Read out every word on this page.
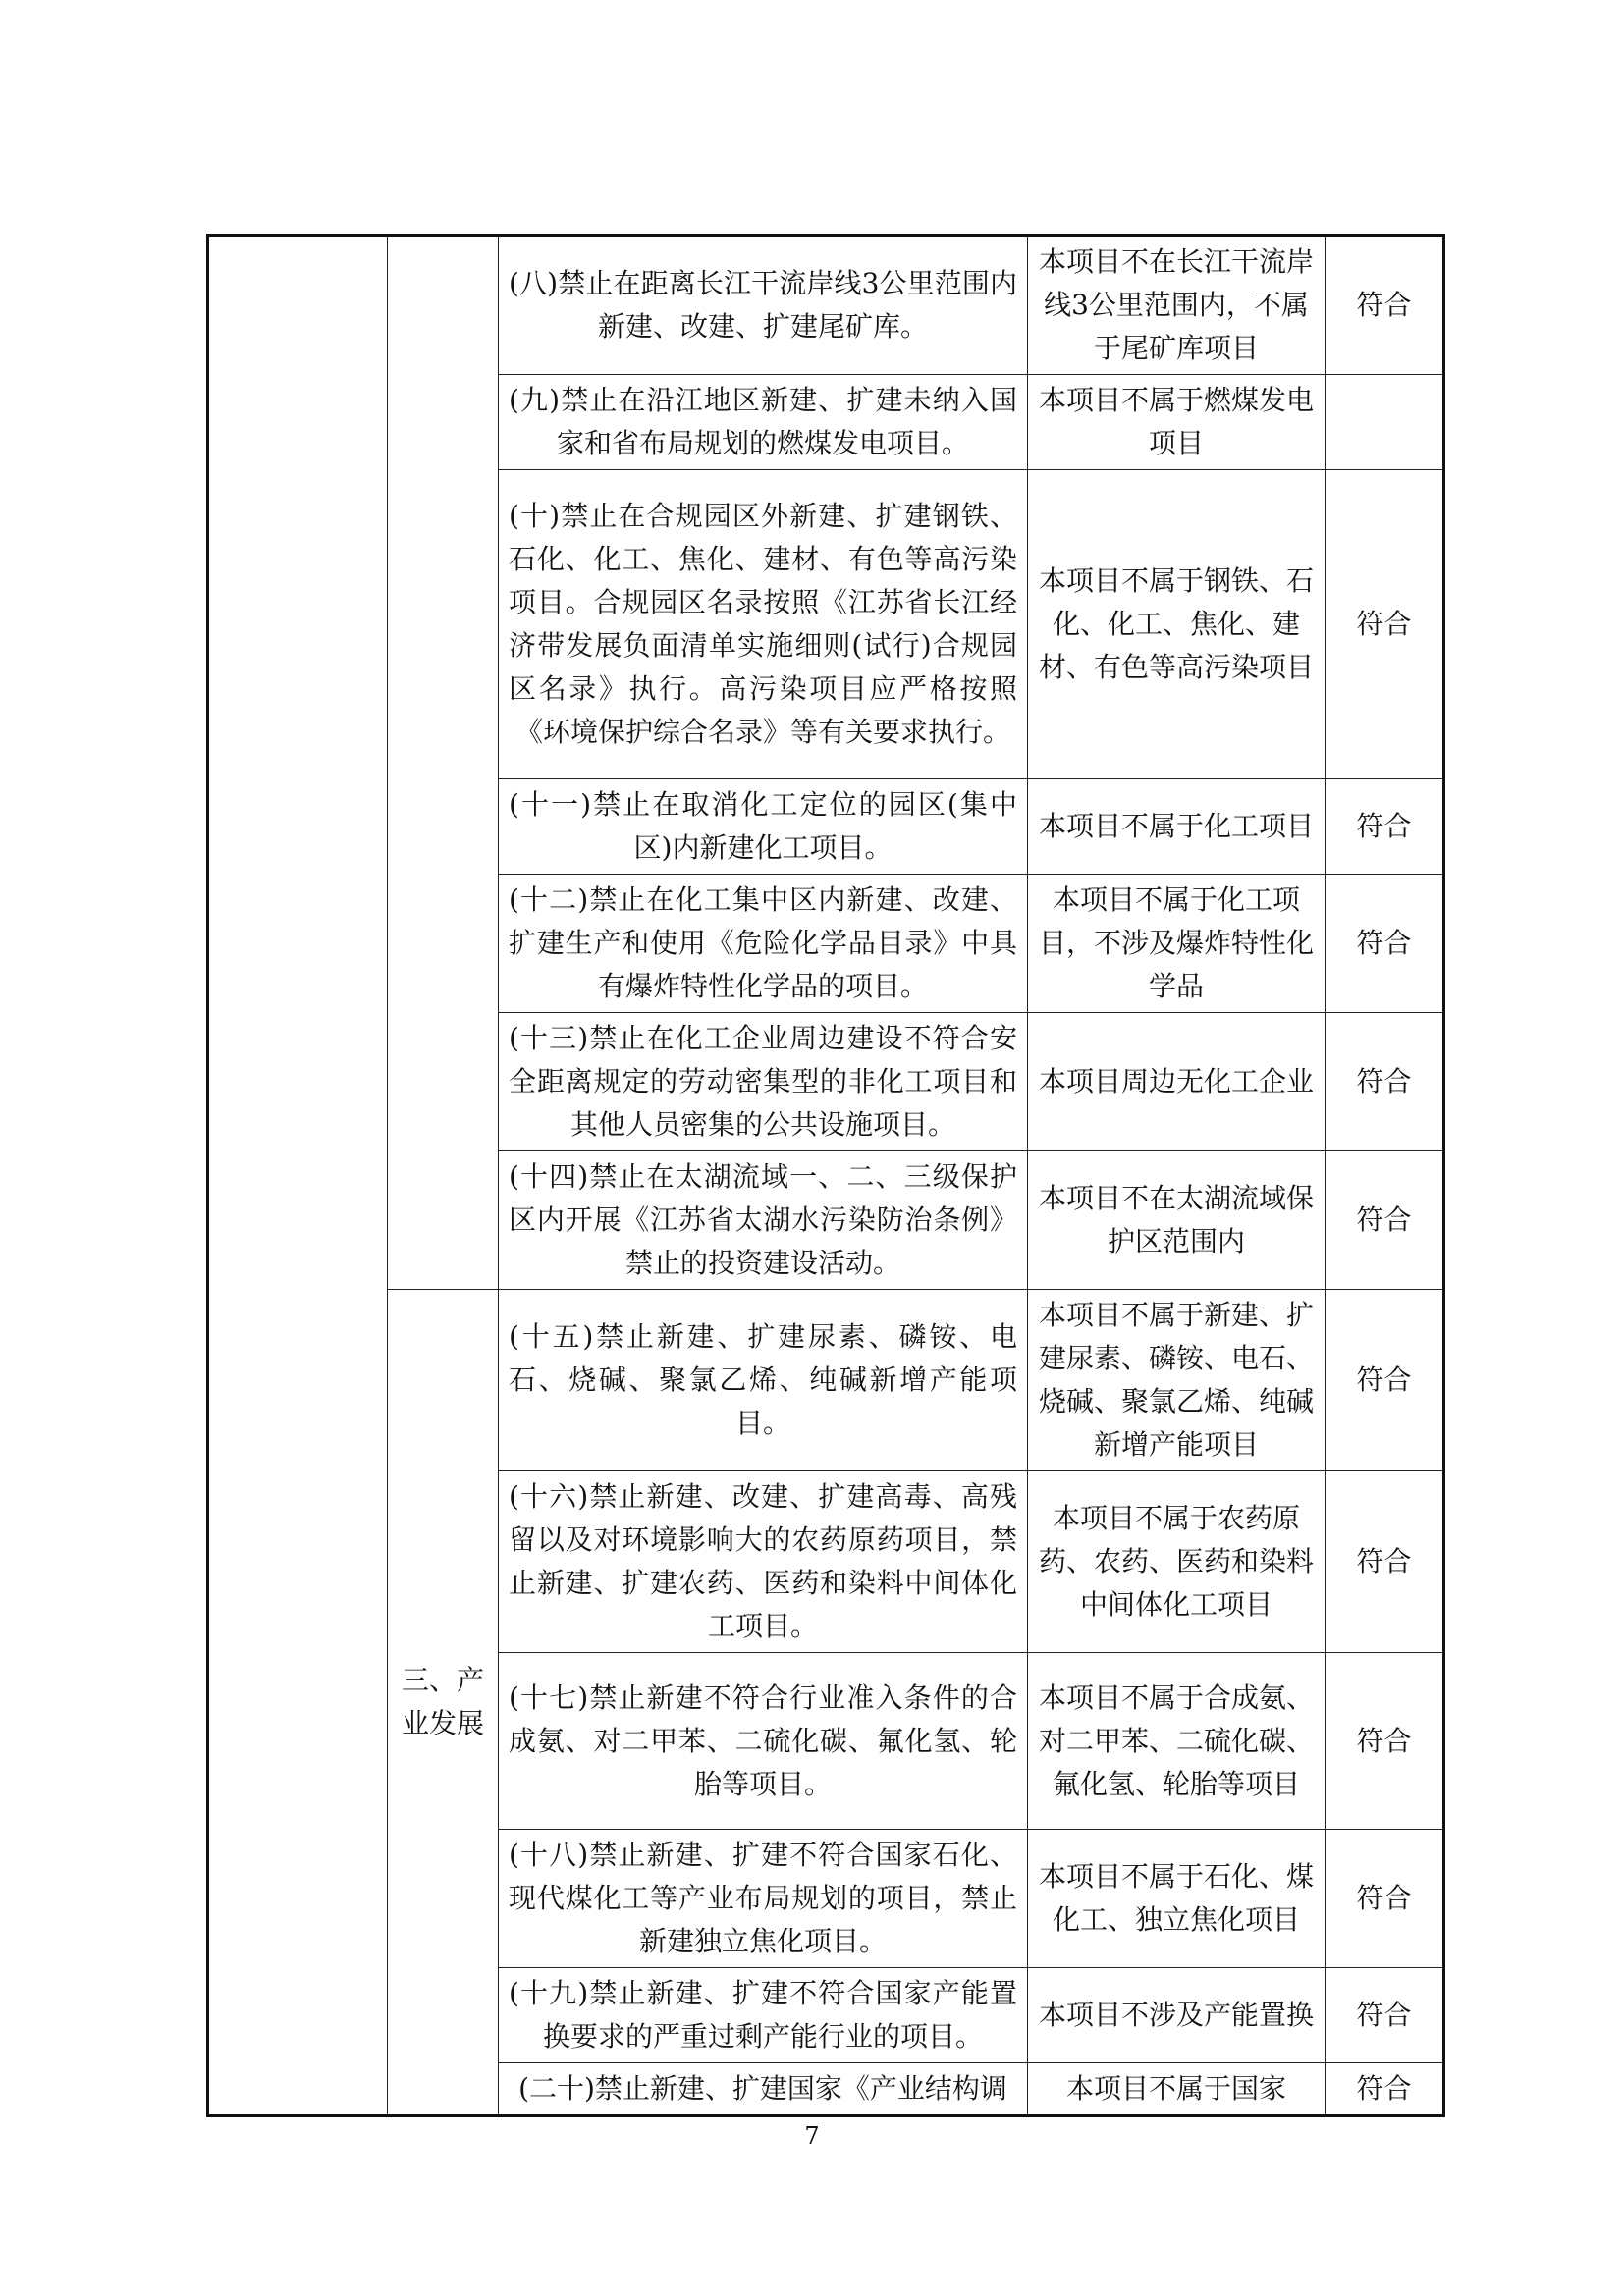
		(八)禁止在距离长江干流岸线3公里范围内新建、改建、扩建尾矿库。	本项目不在长江干流岸线3公里范围内，不属于尾矿库项目	符合
		(九)禁止在沿江地区新建、扩建未纳入国家和省布局规划的燃煤发电项目。	本项目不属于燃煤发电项目	
		(十)禁止在合规园区外新建、扩建钢铁、石化、化工、焦化、建材、有色等高污染项目。合规园区名录按照《江苏省长江经济带发展负面清单实施细则(试行)合规园区名录》执行。高污染项目应严格按照《环境保护综合名录》等有关要求执行。	本项目不属于钢铁、石化、化工、焦化、建材、有色等高污染项目	符合
		(十一)禁止在取消化工定位的园区(集中区)内新建化工项目。	本项目不属于化工项目	符合
		(十二)禁止在化工集中区内新建、改建、扩建生产和使用《危险化学品目录》中具有爆炸特性化学品的项目。	本项目不属于化工项目，不涉及爆炸特性化学品	符合
		(十三)禁止在化工企业周边建设不符合安全距离规定的劳动密集型的非化工项目和其他人员密集的公共设施项目。	本项目周边无化工企业	符合
		(十四)禁止在太湖流域一、二、三级保护区内开展《江苏省太湖水污染防治条例》禁止的投资建设活动。	本项目不在太湖流域保护区范围内	符合
	三、产业发展	(十五)禁止新建、扩建尿素、磷铵、电石、烧碱、聚氯乙烯、纯碱新增产能项目。	本项目不属于新建、扩建尿素、磷铵、电石、烧碱、聚氯乙烯、纯碱新增产能项目	符合
		(十六)禁止新建、改建、扩建高毒、高残留以及对环境影响大的农药原药项目，禁止新建、扩建农药、医药和染料中间体化工项目。	本项目不属于农药原药、农药、医药和染料中间体化工项目	符合
		(十七)禁止新建不符合行业准入条件的合成氨、对二甲苯、二硫化碳、氟化氢、轮胎等项目。	本项目不属于合成氨、对二甲苯、二硫化碳、氟化氢、轮胎等项目	符合
		(十八)禁止新建、扩建不符合国家石化、现代煤化工等产业布局规划的项目，禁止新建独立焦化项目。	本项目不属于石化、煤化工、独立焦化项目	符合
		(十九)禁止新建、扩建不符合国家产能置换要求的严重过剩产能行业的项目。	本项目不涉及产能置换	符合
		(二十)禁止新建、扩建国家《产业结构调	本项目不属于国家	符合
7
